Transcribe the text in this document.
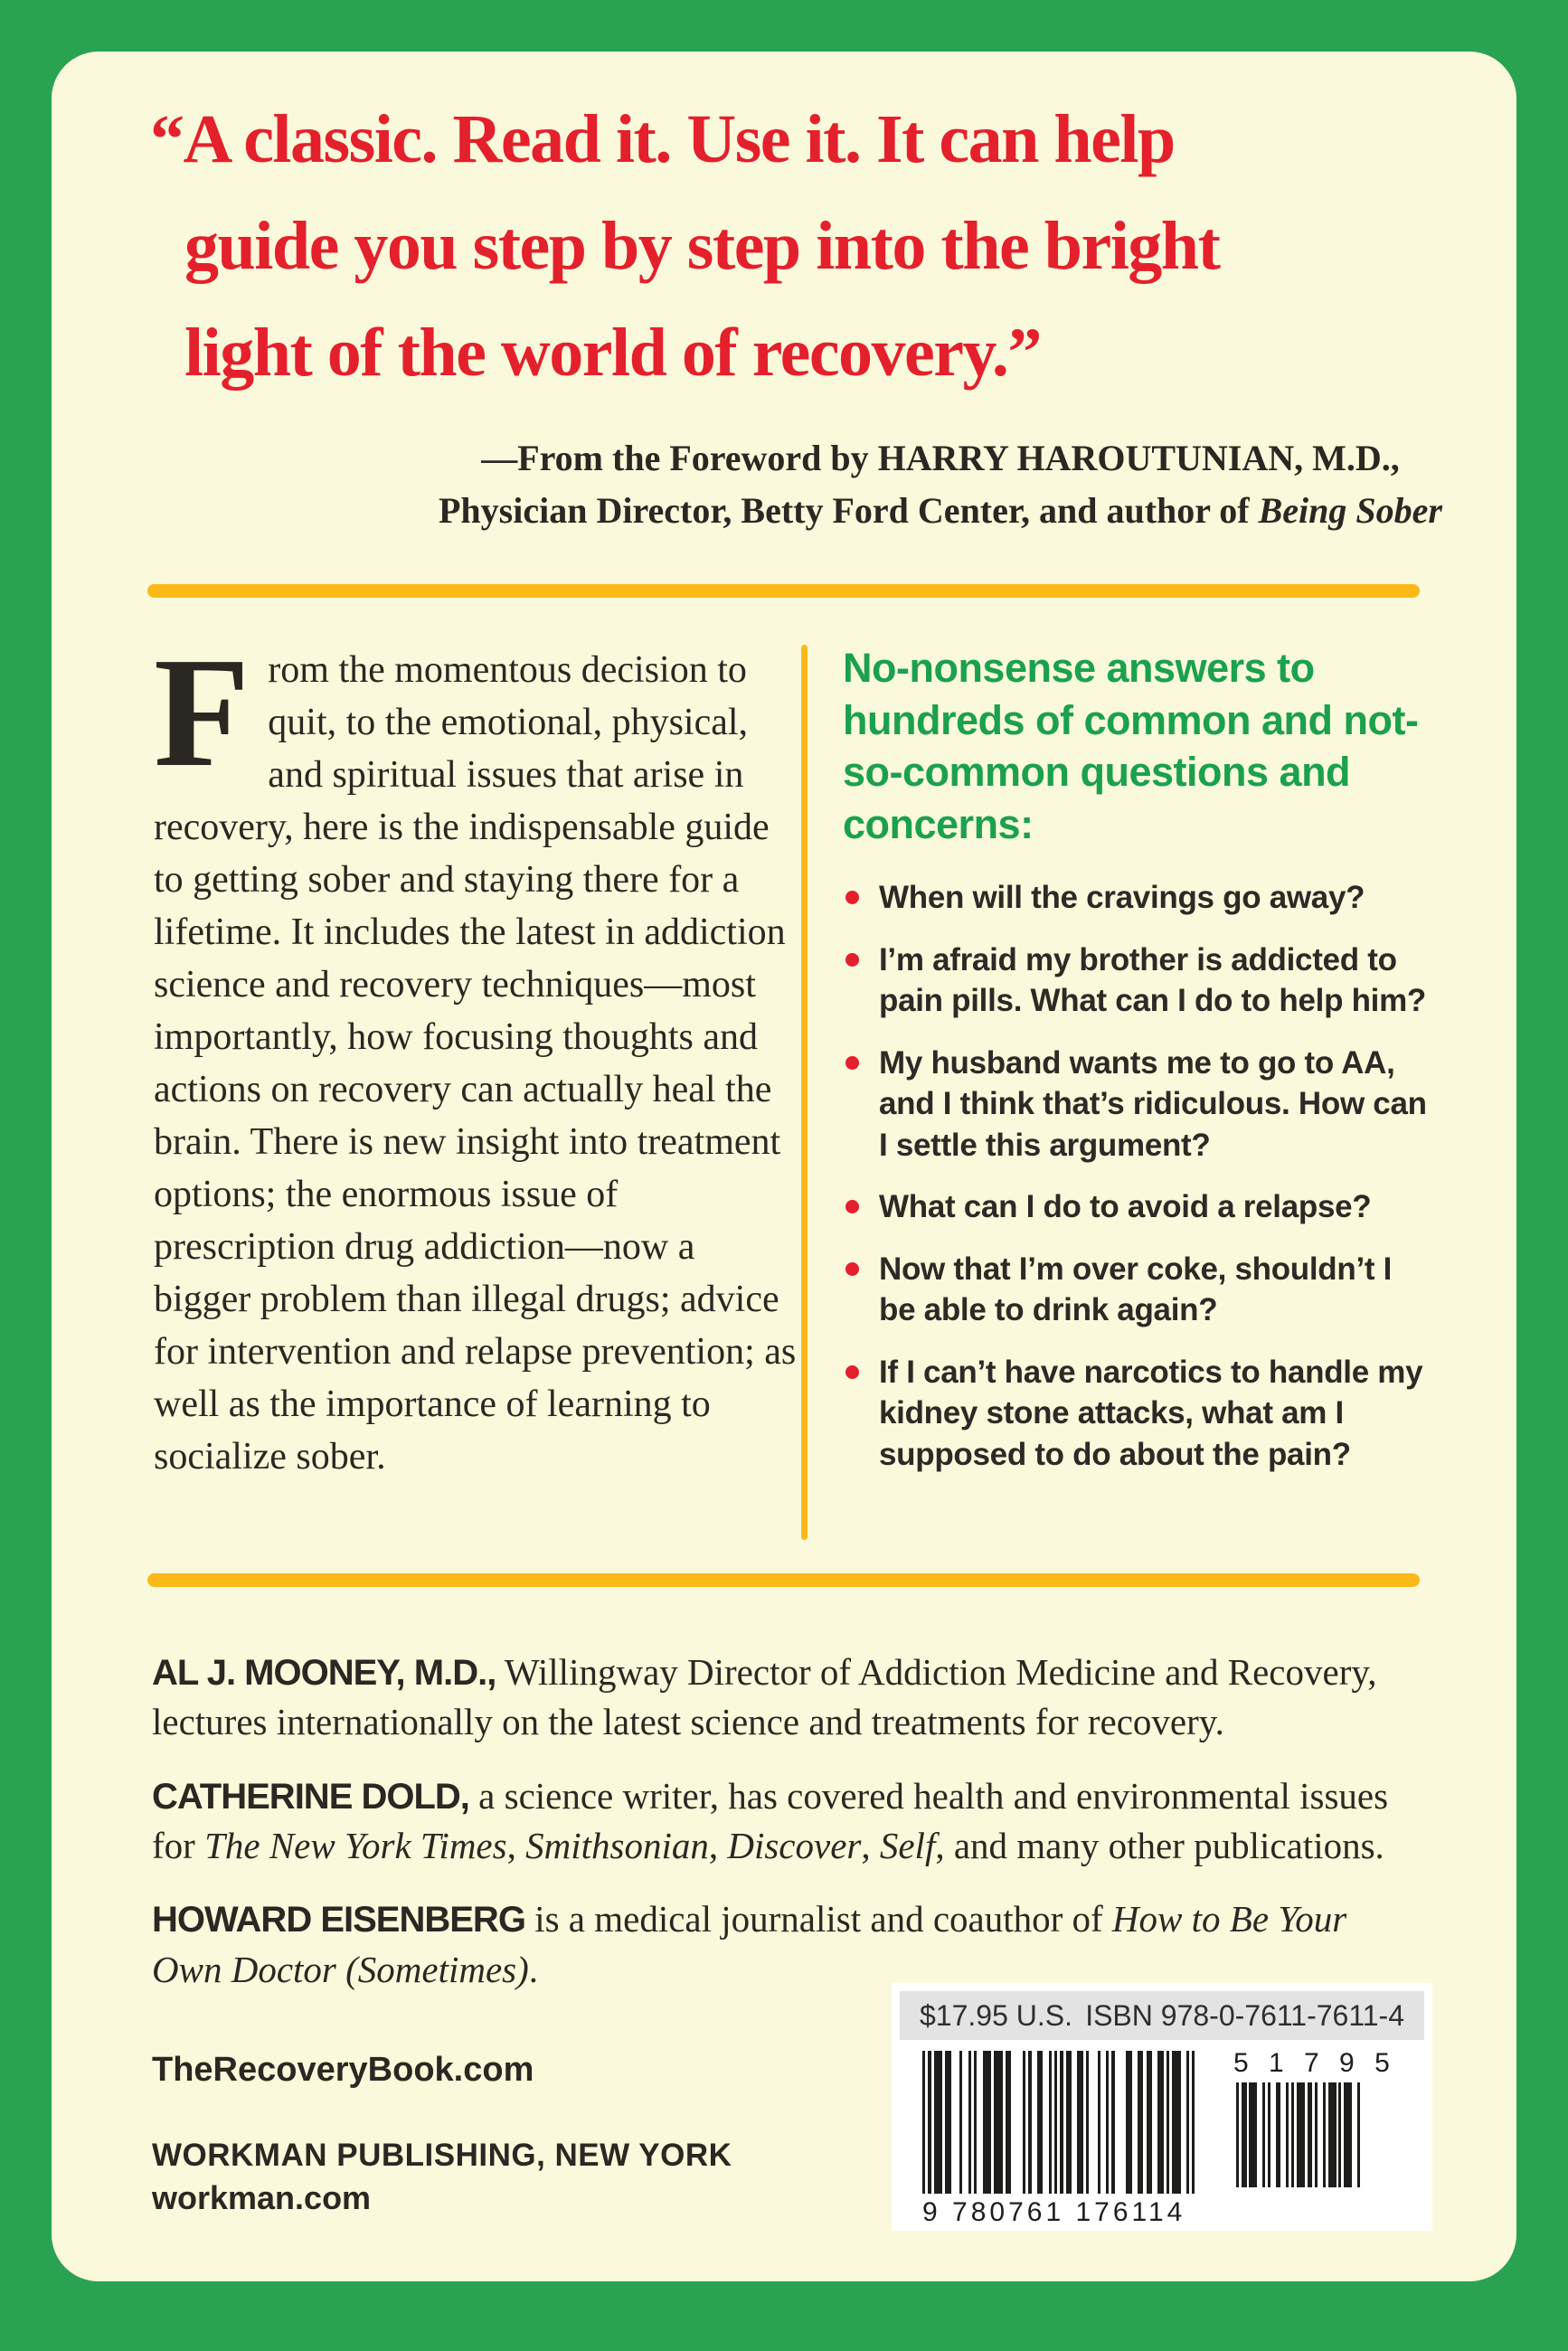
“A classic. Read it. Use it. It can help
guide you step by step into the bright
light of the world of recovery.”
—From the Foreword by HARRY HAROUTUNIAN, M.D.,
Physician Director, Betty Ford Center, and author of Being Sober
From the momentous decision to quit, to the emotional, physical, and spiritual issues that arise in recovery, here is the indispensable guide to getting sober and staying there for a lifetime. It includes the latest in addiction science and recovery techniques—most importantly, how focusing thoughts and actions on recovery can actually heal the brain. There is new insight into treatment options; the enormous issue of prescription drug addiction—now a bigger problem than illegal drugs; advice for intervention and relapse prevention; as well as the importance of learning to socialize sober.
No-nonsense answers to hundreds of common and not-so-common questions and concerns:
When will the cravings go away?
I’m afraid my brother is addicted to pain pills. What can I do to help him?
My husband wants me to go to AA, and I think that’s ridiculous. How can I settle this argument?
What can I do to avoid a relapse?
Now that I’m over coke, shouldn’t I be able to drink again?
If I can’t have narcotics to handle my kidney stone attacks, what am I supposed to do about the pain?

AL J. MOONEY, M.D., Willingway Director of Addiction Medicine and Recovery, lectures internationally on the latest science and treatments for recovery.

CATHERINE DOLD, a science writer, has covered health and environmental issues for The New York Times, Smithsonian, Discover, Self, and many other publications.

HOWARD EISENBERG is a medical journalist and coauthor of How to Be Your Own Doctor (Sometimes).

TheRecoveryBook.com
WORKMAN PUBLISHING, NEW YORK
workman.com
$17.95 U.S. ISBN 978-0-7611-7611-4
9 780761 176114
5 1 7 9 5
